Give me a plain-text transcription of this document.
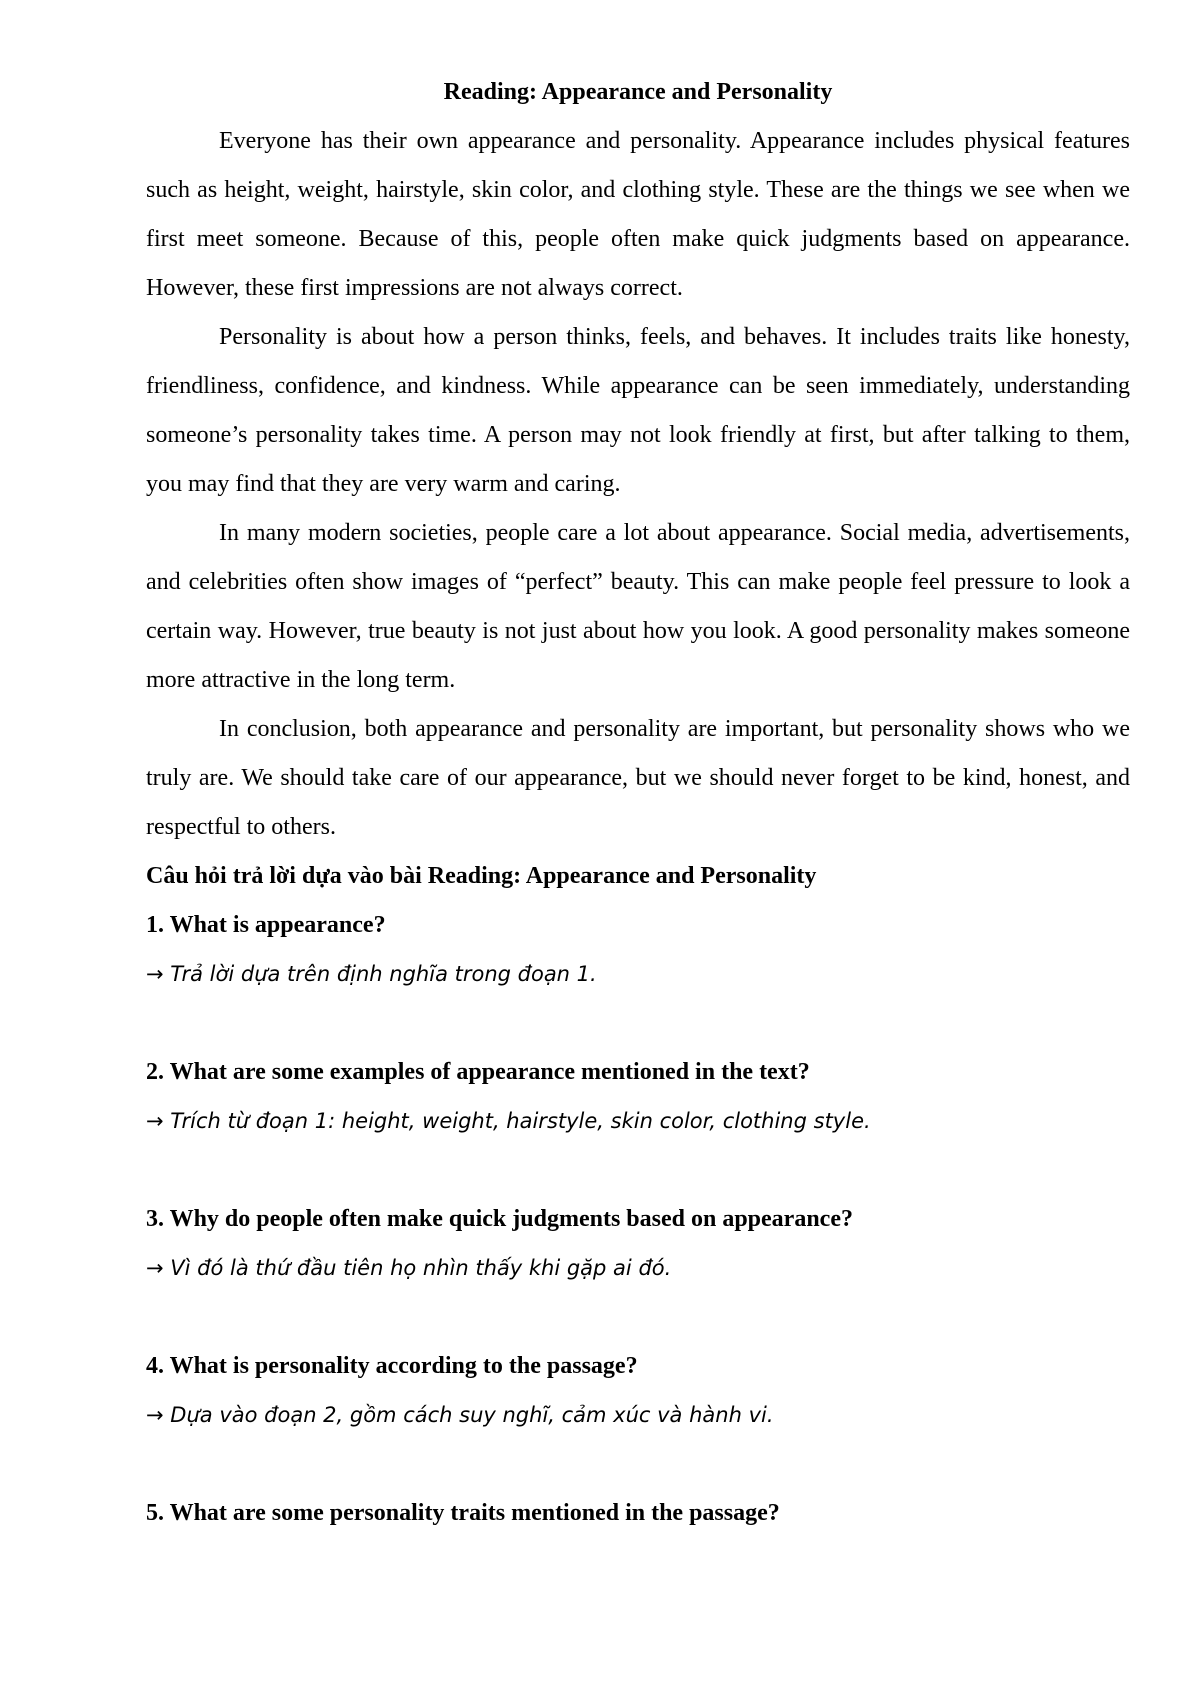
Reading: Appearance and Personality

Everyone has their own appearance and personality. Appearance includes physical features such as height, weight, hairstyle, skin color, and clothing style. These are the things we see when we first meet someone. Because of this, people often make quick judgments based on appearance. However, these first impressions are not always correct.

Personality is about how a person thinks, feels, and behaves. It includes traits like honesty, friendliness, confidence, and kindness. While appearance can be seen immediately, understanding someone’s personality takes time. A person may not look friendly at first, but after talking to them, you may find that they are very warm and caring.

In many modern societies, people care a lot about appearance. Social media, advertisements, and celebrities often show images of “perfect” beauty. This can make people feel pressure to look a certain way. However, true beauty is not just about how you look. A good personality makes someone more attractive in the long term.

In conclusion, both appearance and personality are important, but personality shows who we truly are. We should take care of our appearance, but we should never forget to be kind, honest, and respectful to others.

Câu hỏi trả lời dựa vào bài Reading: Appearance and Personality

1. What is appearance?

→ Trả lời dựa trên định nghĩa trong đoạn 1.

2. What are some examples of appearance mentioned in the text?

→ Trích từ đoạn 1: height, weight, hairstyle, skin color, clothing style.

3. Why do people often make quick judgments based on appearance?

→ Vì đó là thứ đầu tiên họ nhìn thấy khi gặp ai đó.

4. What is personality according to the passage?

→ Dựa vào đoạn 2, gồm cách suy nghĩ, cảm xúc và hành vi.

5. What are some personality traits mentioned in the passage?
